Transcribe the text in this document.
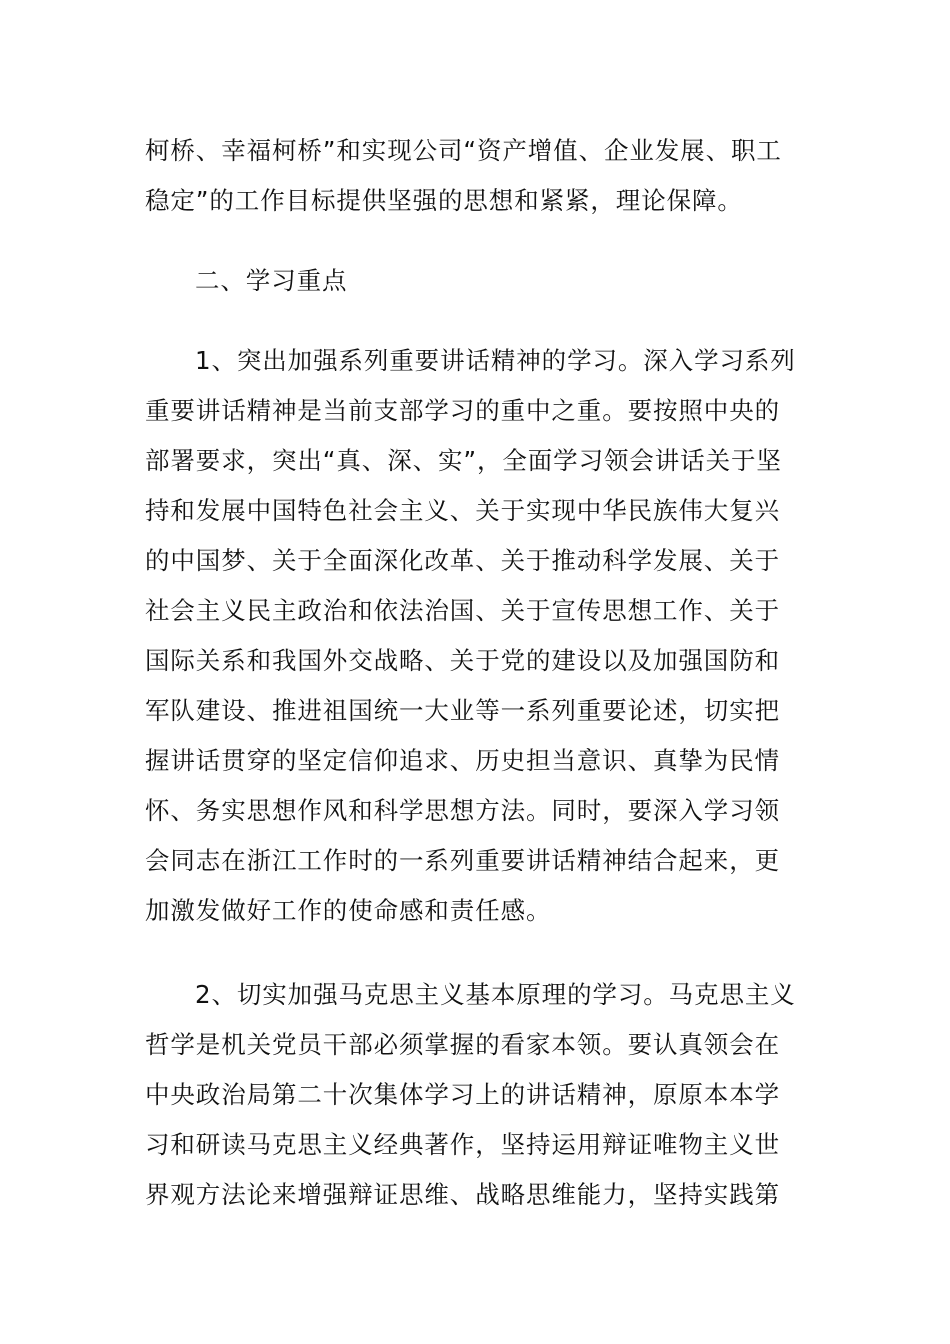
柯桥、幸福柯桥”和实现公司“资产增值、企业发展、职工
稳定”的工作目标提供坚强的思想和紧紧，理论保障。
二、学习重点
1、突出加强系列重要讲话精神的学习。深入学习系列
重要讲话精神是当前支部学习的重中之重。要按照中央的
部署要求，突出“真、深、实”，全面学习领会讲话关于坚
持和发展中国特色社会主义、关于实现中华民族伟大复兴
的中国梦、关于全面深化改革、关于推动科学发展、关于
社会主义民主政治和依法治国、关于宣传思想工作、关于
国际关系和我国外交战略、关于党的建设以及加强国防和
军队建设、推进祖国统一大业等一系列重要论述，切实把
握讲话贯穿的坚定信仰追求、历史担当意识、真挚为民情
怀、务实思想作风和科学思想方法。同时，要深入学习领
会同志在浙江工作时的一系列重要讲话精神结合起来，更
加激发做好工作的使命感和责任感。
2、切实加强马克思主义基本原理的学习。马克思主义
哲学是机关党员干部必须掌握的看家本领。要认真领会在
中央政治局第二十次集体学习上的讲话精神，原原本本学
习和研读马克思主义经典著作，坚持运用辩证唯物主义世
界观方法论来增强辩证思维、战略思维能力，坚持实践第
